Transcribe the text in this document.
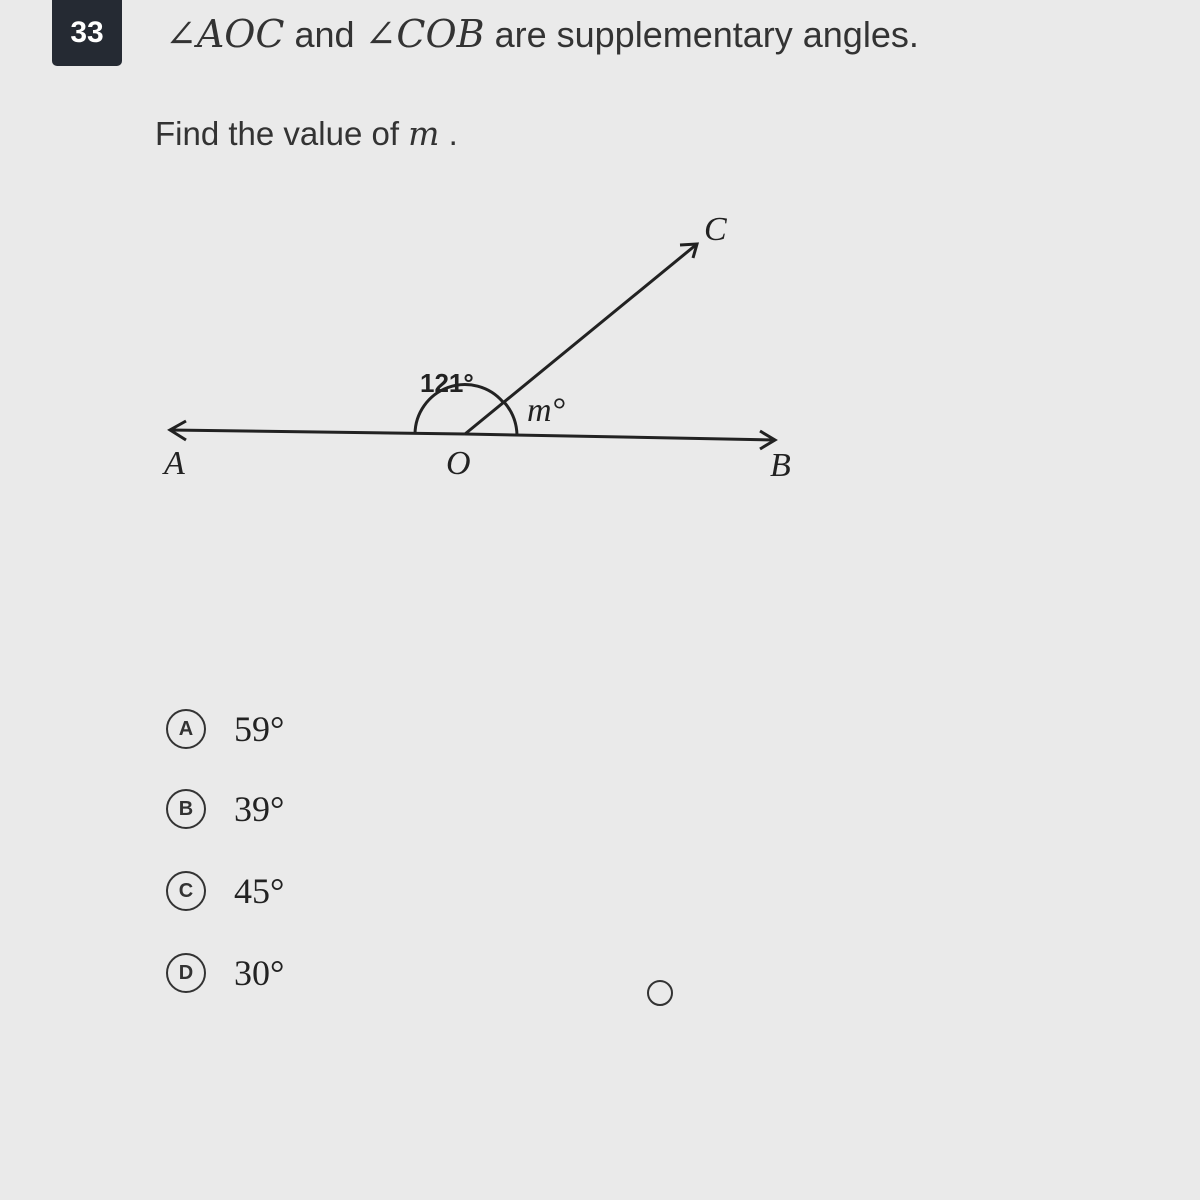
33	∠AOC and ∠COB are supplementary angles.
Find the value of m .
121°
m°
A	O	B
C
A	59°
B	39°
C	45°
D	30°
